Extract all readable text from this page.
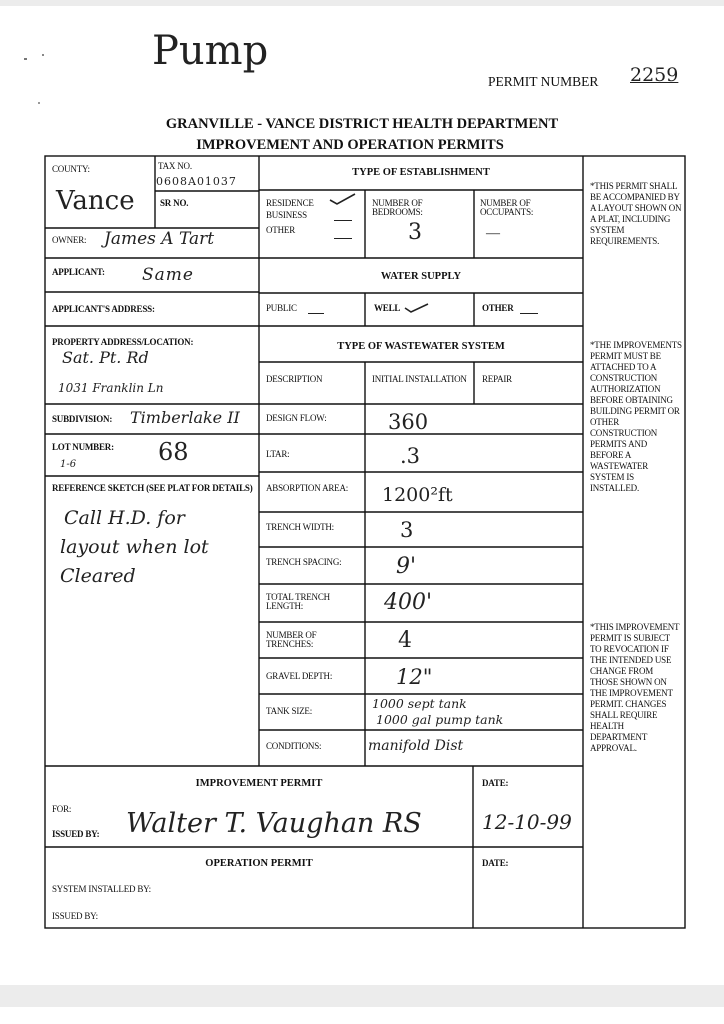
Pump
PERMIT NUMBER 2259
GRANVILLE - VANCE DISTRICT HEALTH DEPARTMENT
IMPROVEMENT AND OPERATION PERMITS
COUNTY:
Vance
TAX NO.
0608A01037
SR NO.
OWNER: James A Tart
TYPE OF ESTABLISHMENT
RESIDENCE
BUSINESS
OTHER
NUMBER OF BEDROOMS:
3
NUMBER OF OCCUPANTS:
—
APPLICANT: Same
APPLICANT'S ADDRESS:
WATER SUPPLY
PUBLIC	WELL	OTHER
PROPERTY ADDRESS/LOCATION:
Sat. Pt. Rd
1031 Franklin Ln
SUBDIVISION: Timberlake II
LOT NUMBER: 68
1-6
REFERENCE SKETCH (SEE PLAT FOR DETAILS)
Call H.D. for
layout when lot
Cleared
TYPE OF WASTEWATER SYSTEM
DESCRIPTION	INITIAL INSTALLATION REPAIR
DESIGN FLOW:	360
LTAR:	.3
ABSORPTION AREA:	1200²ft
TRENCH WIDTH:	3
TRENCH SPACING: 9'
TOTAL TRENCH LENGTH:	400'
NUMBER OF TRENCHES:	4
GRAVEL DEPTH:	12"
TANK SIZE:	1000 sept tank
1000 gal pump tank
CONDITIONS:	manifold Dist
*THIS PERMIT SHALL BE ACCOMPANIED BY A LAYOUT SHOWN ON A PLAT, INCLUDING SYSTEM REQUIREMENTS.
*THE IMPROVEMENTS PERMIT MUST BE ATTACHED TO A CONSTRUCTION AUTHORIZATION BEFORE OBTAINING BUILDING PERMIT OR OTHER CONSTRUCTION PERMITS AND BEFORE A WASTEWATER SYSTEM IS INSTALLED.
*THIS IMPROVEMENT PERMIT IS SUBJECT TO REVOCATION IF THE INTENDED USE CHANGE FROM THOSE SHOWN ON THE IMPROVEMENT PERMIT. CHANGES SHALL REQUIRE HEALTH DEPARTMENT APPROVAL.
IMPROVEMENT PERMIT	DATE:
12-10-99
FOR:
ISSUED BY: Walter T. Vaughan RS
OPERATION PERMIT	DATE:
SYSTEM INSTALLED BY:
ISSUED BY:
